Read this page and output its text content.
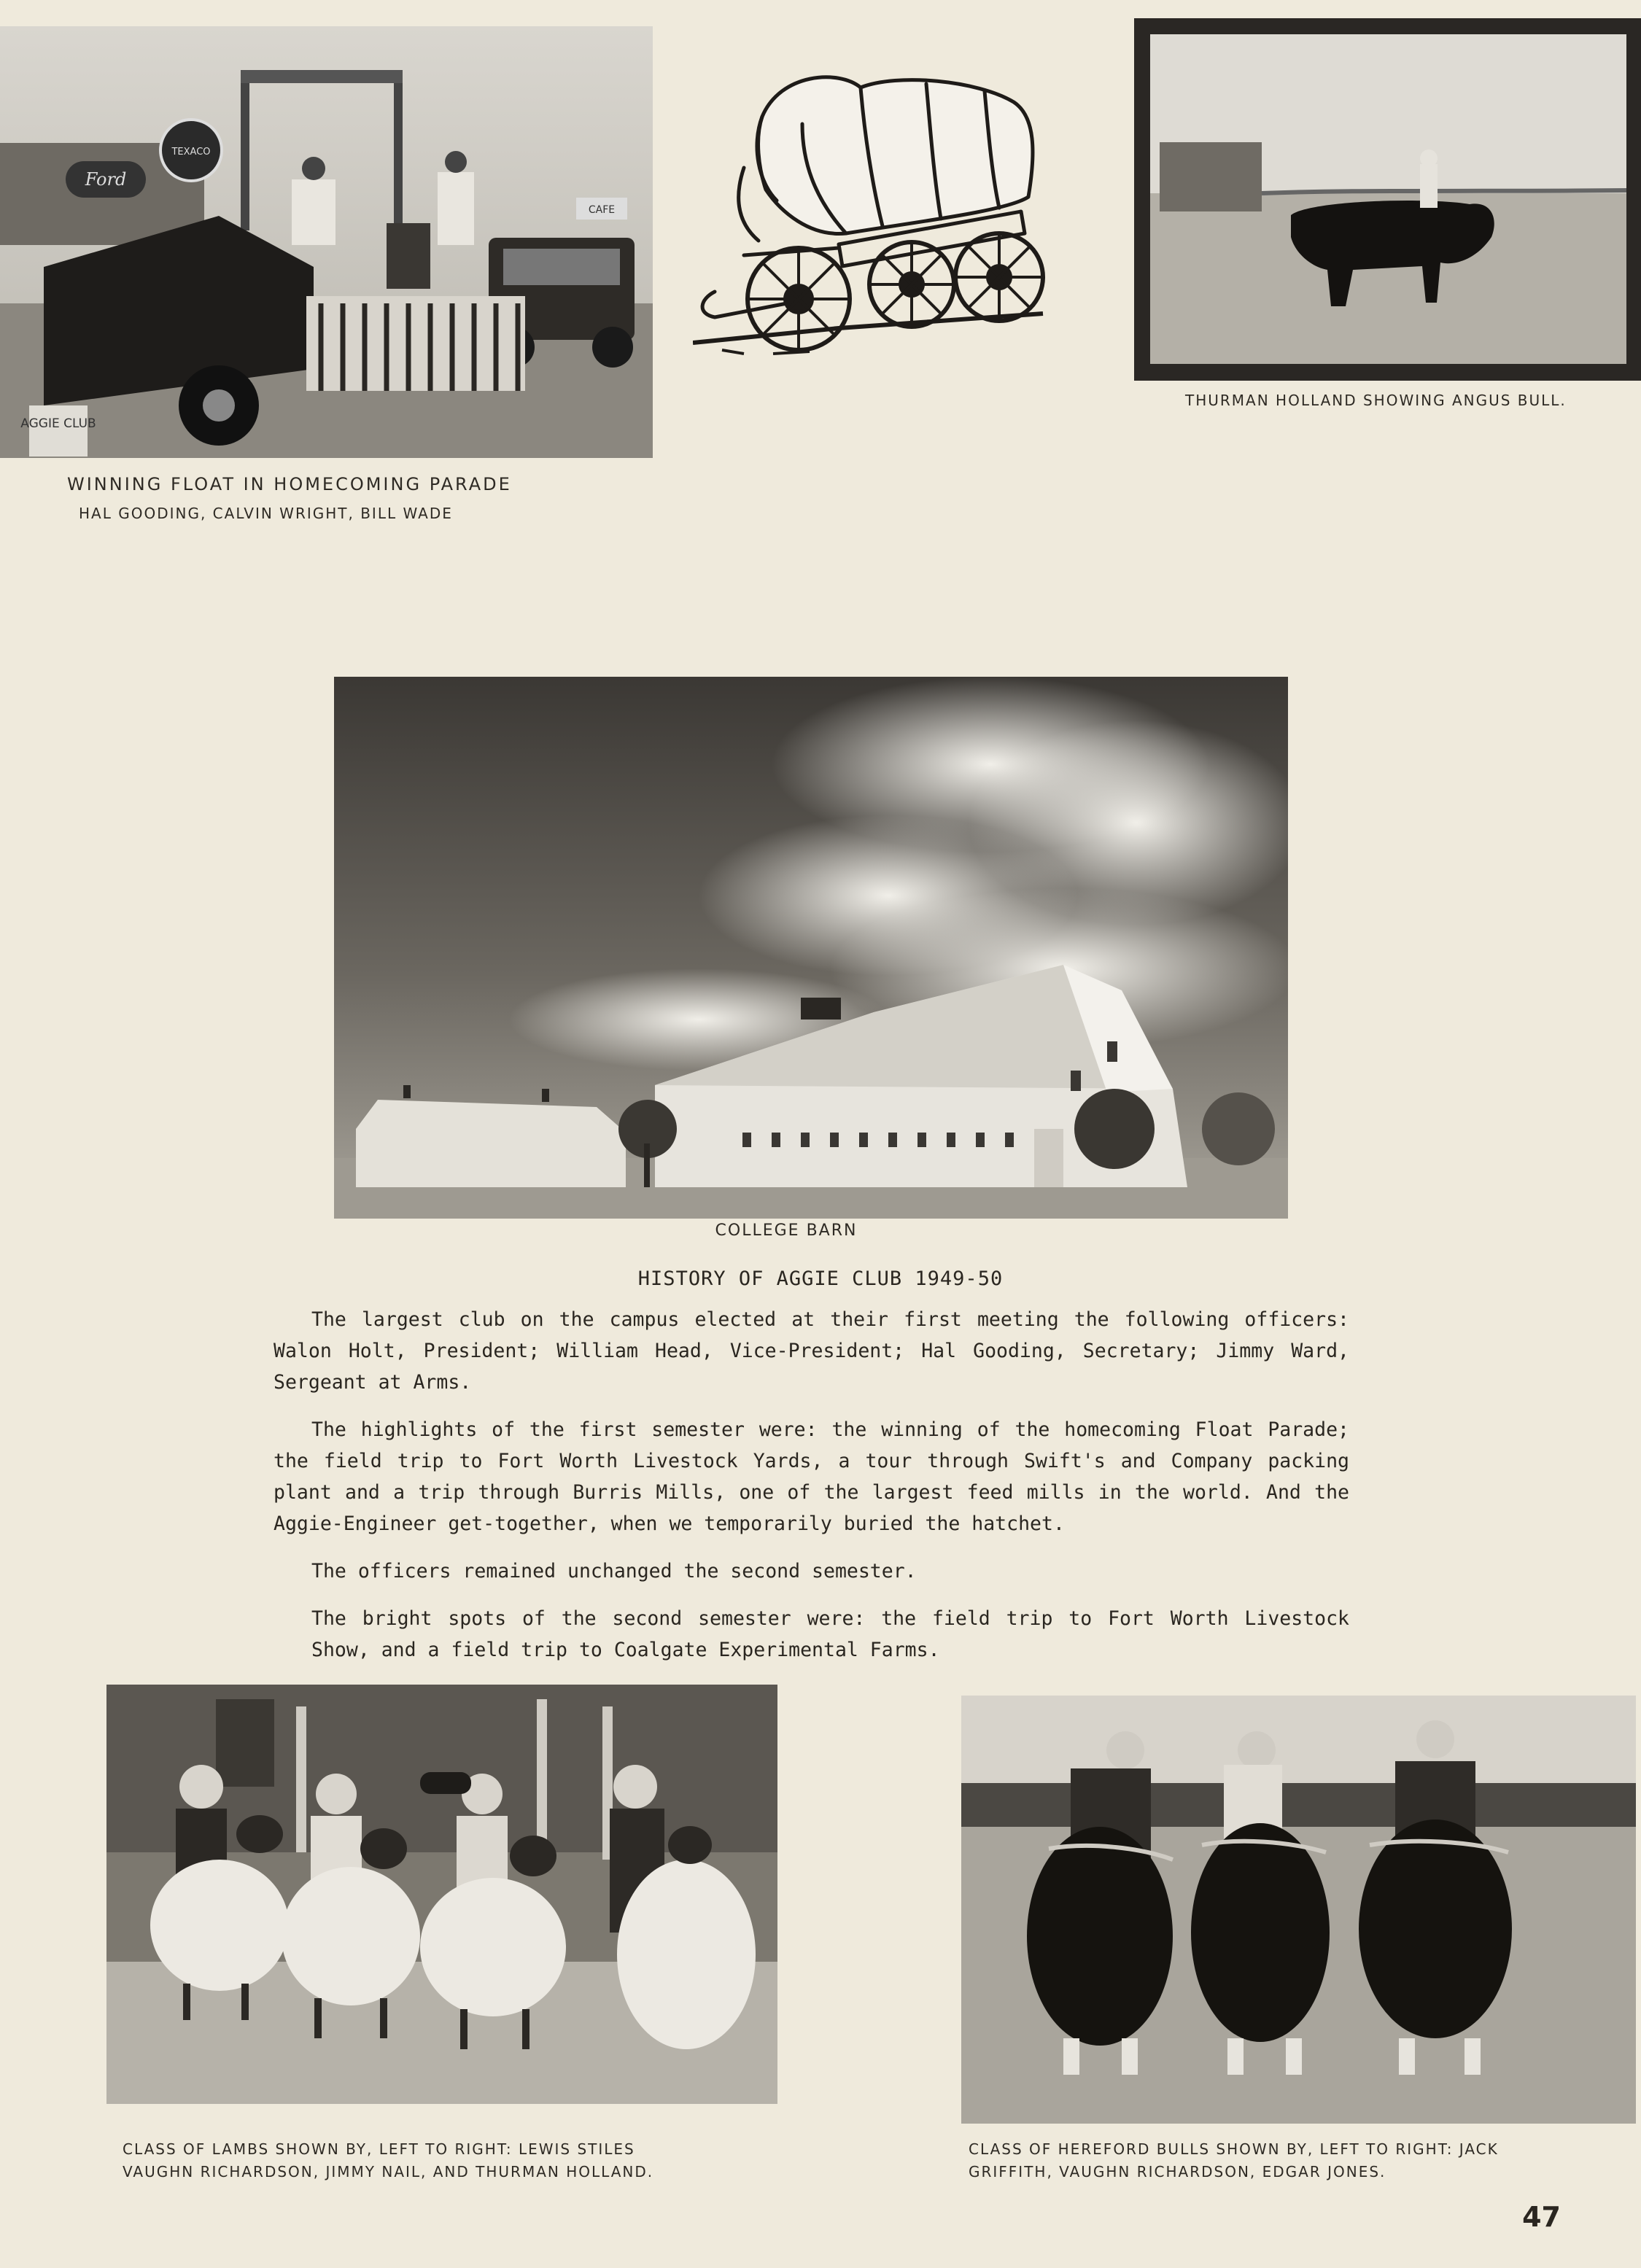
Ford
TEXACO
CAFE
AGGIE CLUB
WINNING FLOAT IN HOMECOMING PARADE
HAL GOODING, CALVIN WRIGHT, BILL WADE
THURMAN HOLLAND SHOWING ANGUS BULL.
COLLEGE BARN
HISTORY OF AGGIE CLUB 1949-50

The largest club on the campus elected at their first meeting the following officers: Walon Holt, President; William Head, Vice-President; Hal Gooding, Secretary; Jimmy Ward, Sergeant at Arms.

The highlights of the first semester were: the winning of the homecoming Float Parade; the field trip to Fort Worth Livestock Yards, a tour through Swift's and Company packing plant and a trip through Burris Mills, one of the largest feed mills in the world. And the Aggie-Engineer get-together, when we temporarily buried the hatchet.

The officers remained unchanged the second semester.

The bright spots of the second semester were: the field trip to Fort Worth Livestock Show, and a field trip to Coalgate Experimental Farms.

CLASS OF LAMBS SHOWN BY, LEFT TO RIGHT: LEWIS STILES
VAUGHN RICHARDSON, JIMMY NAIL, AND THURMAN HOLLAND.
CLASS OF HEREFORD BULLS SHOWN BY, LEFT TO RIGHT: JACK
GRIFFITH, VAUGHN RICHARDSON, EDGAR JONES.
47
